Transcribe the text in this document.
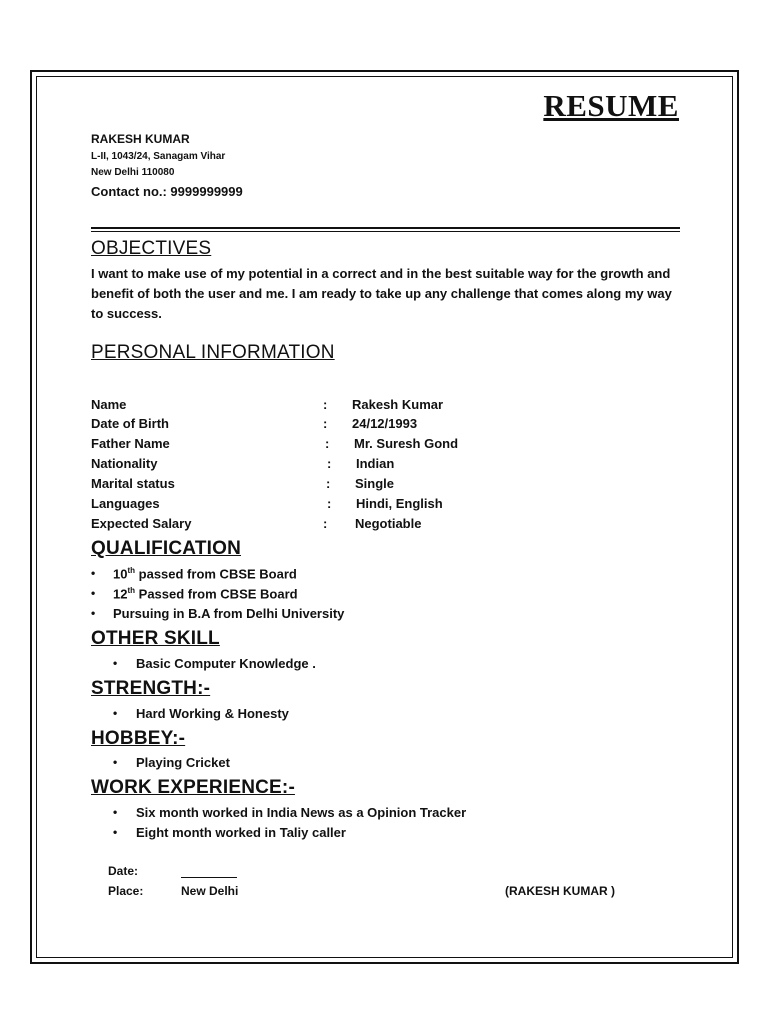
RESUME
RAKESH KUMAR
L-II, 1043/24, Sanagam Vihar
New Delhi 110080
Contact no.: 9999999999
OBJECTIVES
I want to make use of my potential in a correct and in the best suitable way for the growth and benefit of both the user and me. I am ready to take up any challenge that comes along my way to success.
PERSONAL INFORMATION
Name	: Rakesh Kumar
Date of Birth	: 24/12/1993
Father Name	: Mr. Suresh Gond
Nationality	: Indian
Marital status	: Single
Languages	: Hindi, English
Expected Salary	: Negotiable
QUALIFICATION
• 10th passed from CBSE Board
• 12th Passed from CBSE Board
• Pursuing in B.A from Delhi University
OTHER SKILL
• Basic Computer Knowledge .
STRENGTH:-
• Hard Working & Honesty
HOBBEY:-
• Playing Cricket
WORK EXPERIENCE:-
• Six month worked in India News as a Opinion Tracker
• Eight month worked in Taliy caller
Date:
Place:	New Delhi	(RAKESH KUMAR )
